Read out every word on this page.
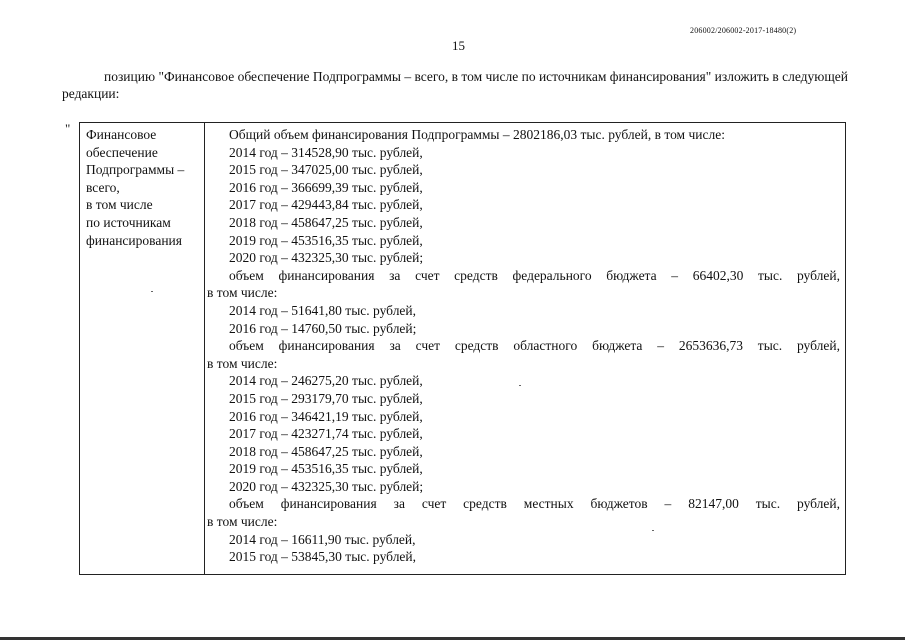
206002/206002-2017-18480(2)
15
позицию "Финансовое обеспечение Подпрограммы – всего, в том числе по источникам финансирования" изложить в следующей редакции:
" Финансовое
обеспечение
Подпрограммы –
всего,
в том числе
по источникам
финансирования
Общий объем финансирования Подпрограммы – 2802186,03 тыс. рублей, в том числе:
2014 год – 314528,90 тыс. рублей,
2015 год – 347025,00 тыс. рублей,
2016 год – 366699,39 тыс. рублей,
2017 год – 429443,84 тыс. рублей,
2018 год – 458647,25 тыс. рублей,
2019 год – 453516,35 тыс. рублей,
2020 год – 432325,30 тыс. рублей;
объем финансирования за счет средств федерального бюджета – 66402,30 тыс. рублей,
в том числе:
2014 год – 51641,80 тыс. рублей,
2016 год – 14760,50 тыс. рублей;
объем финансирования за счет средств областного бюджета – 2653636,73 тыс. рублей,
в том числе:
2014 год – 246275,20 тыс. рублей,
2015 год – 293179,70 тыс. рублей,
2016 год – 346421,19 тыс. рублей,
2017 год – 423271,74 тыс. рублей,
2018 год – 458647,25 тыс. рублей,
2019 год – 453516,35 тыс. рублей,
2020 год – 432325,30 тыс. рублей;
объем финансирования за счет средств местных бюджетов – 82147,00 тыс. рублей,
в том числе:
2014 год – 16611,90 тыс. рублей,
2015 год – 53845,30 тыс. рублей,
